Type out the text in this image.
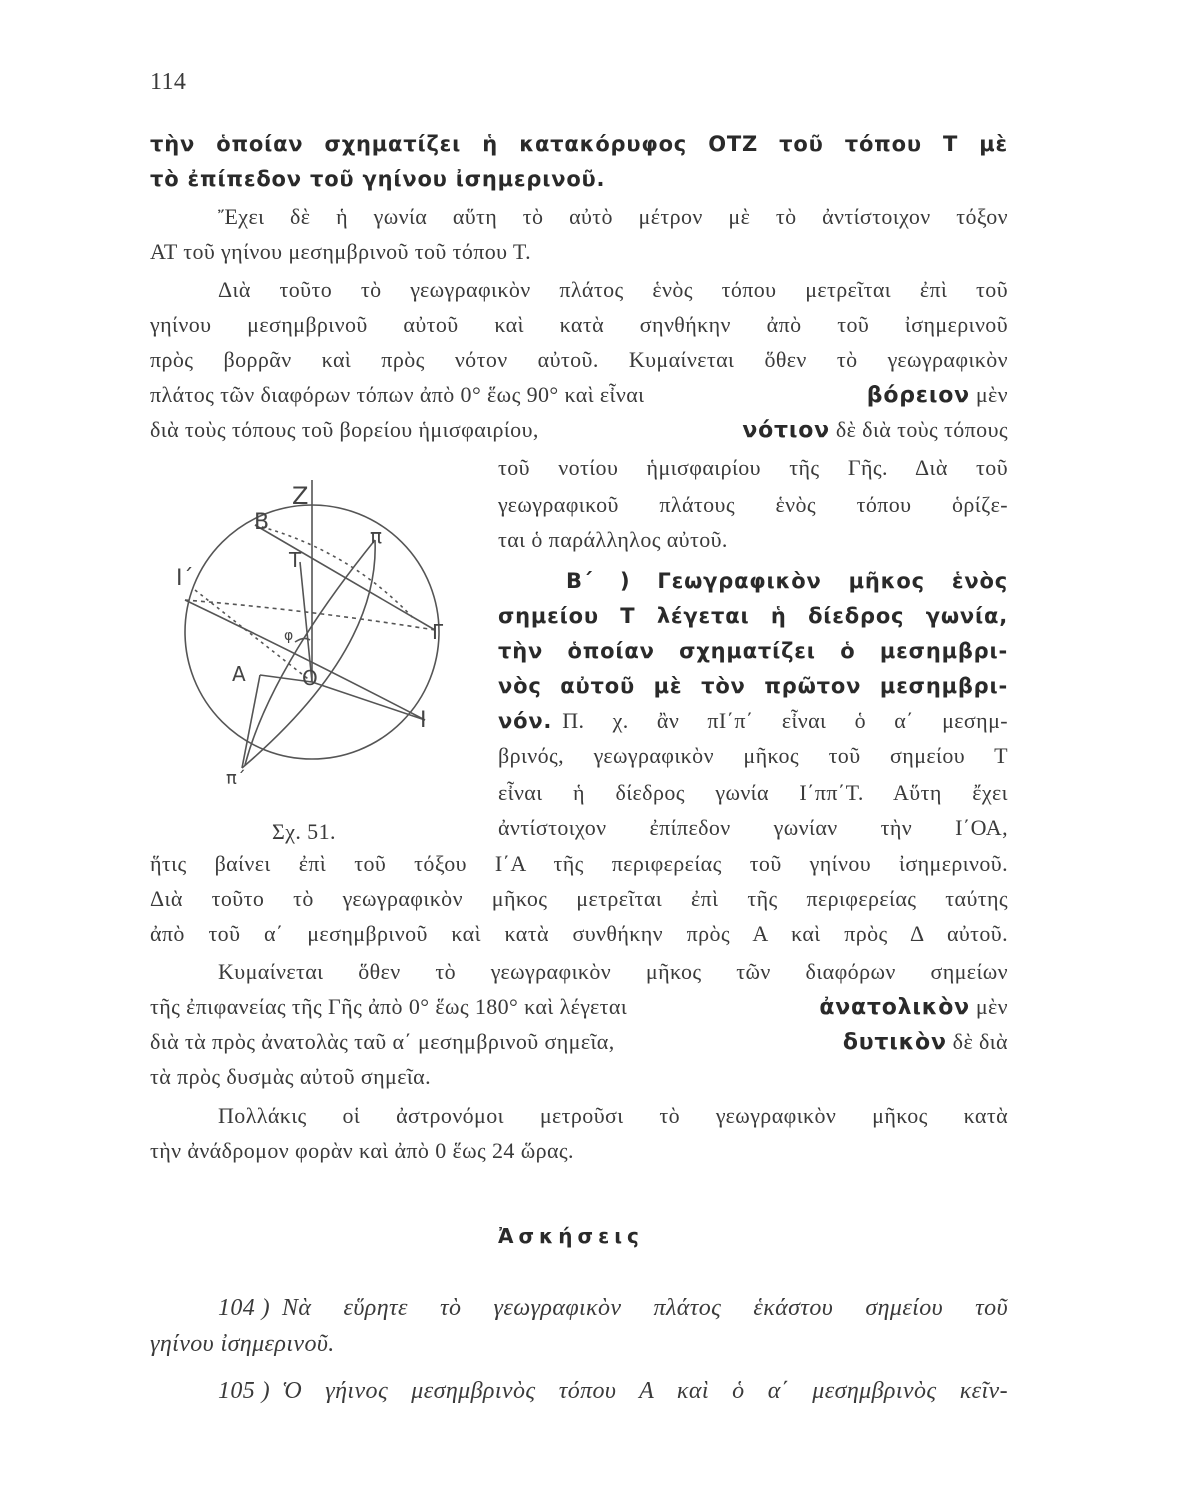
114
τὴν ὁποίαν σχηματίζει ἡ κατακόρυφος ΟΤΖ τοῦ τόπου Τ μὲ
τὸ ἐπίπεδον τοῦ γηίνου ἰσημερινοῦ.
Ἔχει δὲ ἡ γωνία αὕτη τὸ αὐτὸ μέτρον μὲ τὸ ἀντίστοιχον τόξον
ΑΤ τοῦ γηίνου μεσημβρινοῦ τοῦ τόπου Τ.
Διὰ τοῦτο τὸ γεωγραφικὸν πλάτος ἑνὸς τόπου μετρεῖται ἐπὶ τοῦ
γηίνου μεσημβρινοῦ αὐτοῦ καὶ κατὰ σηνθήκην ἀπὸ τοῦ ἰσημερινοῦ
πρὸς βορρᾶν καὶ πρὸς νότον αὐτοῦ. Κυμαίνεται ὅθεν τὸ γεωγραφικὸν
πλάτος τῶν διαφόρων τόπων ἀπὸ 0° ἕως 90° καὶ εἶναι	βόρειον μὲν
διὰ τοὺς τόπους τοῦ βορείου ἡμισφαιρίου,	νότιον δὲ διὰ τοὺς τόπους
τοῦ νοτίου ἡμισφαιρίου τῆς Γῆς. Διὰ τοῦ
γεωγραφικοῦ πλάτους ἑνὸς τόπου ὁρίζε-
ται ὁ παράλληλος αὐτοῦ.
Β΄ ) Γεωγραφικὸν μῆκος ἑνὸς
σημείου Τ λέγεται ἡ δίεδρος γωνία,
τὴν ὁποίαν σχηματίζει ὁ μεσημβρι-
νὸς αὐτοῦ μὲ τὸν πρῶτον μεσημβρι-
νόν. Π. χ. ἂν πΙ΄π΄ εἶναι ὁ α΄ μεσημ-
βρινός, γεωγραφικὸν μῆκος τοῦ σημείου Τ
εἶναι ἡ δίεδρος γωνία Ι΄ππ΄Τ. Αὕτη ἔχει
ἀντίστοιχον ἐπίπεδον γωνίαν τὴν Ι΄ΟΑ,
ἥτις βαίνει ἐπὶ τοῦ τόξου Ι΄Α τῆς περιφερείας τοῦ γηίνου ἰσημερινοῦ.
Διὰ τοῦτο τὸ γεωγραφικὸν μῆκος μετρεῖται ἐπὶ τῆς περιφερείας ταύτης
ἀπὸ τοῦ α΄ μεσημβρινοῦ καὶ κατὰ συνθήκην πρὸς Α καὶ πρὸς Δ αὐτοῦ.
Κυμαίνεται ὅθεν τὸ γεωγραφικὸν μῆκος τῶν διαφόρων σημείων
τῆς ἐπιφανείας τῆς Γῆς ἀπὸ 0° ἕως 180° καὶ λέγεται	ἀνατολικὸν μὲν
διὰ τὰ πρὸς ἀνατολὰς ταῦ α΄ μεσημβρινοῦ σημεῖα,	δυτικὸν δὲ διὰ
τὰ πρὸς δυσμὰς αὐτοῦ σημεῖα.
Πολλάκις οἱ ἀστρονόμοι μετροῦσι τὸ γεωγραφικὸν μῆκος κατὰ
τὴν ἀνάδρομον φορὰν καὶ ἀπὸ 0 ἕως 24 ὥρας.
Ἀσκήσεις
104 ) Νὰ εὕρητε τὸ γεωγραφικὸν πλάτος ἑκάστου σημείου τοῦ
γηίνου ἰσημερινοῦ.
105 ) Ὁ γήινος μεσημβρινὸς τόπου Α καὶ ὁ α΄ μεσημβρινὸς κεῖν-
Z
B
π
T
I΄
Γ
φ
A	O
I
π΄
Σχ. 51.
